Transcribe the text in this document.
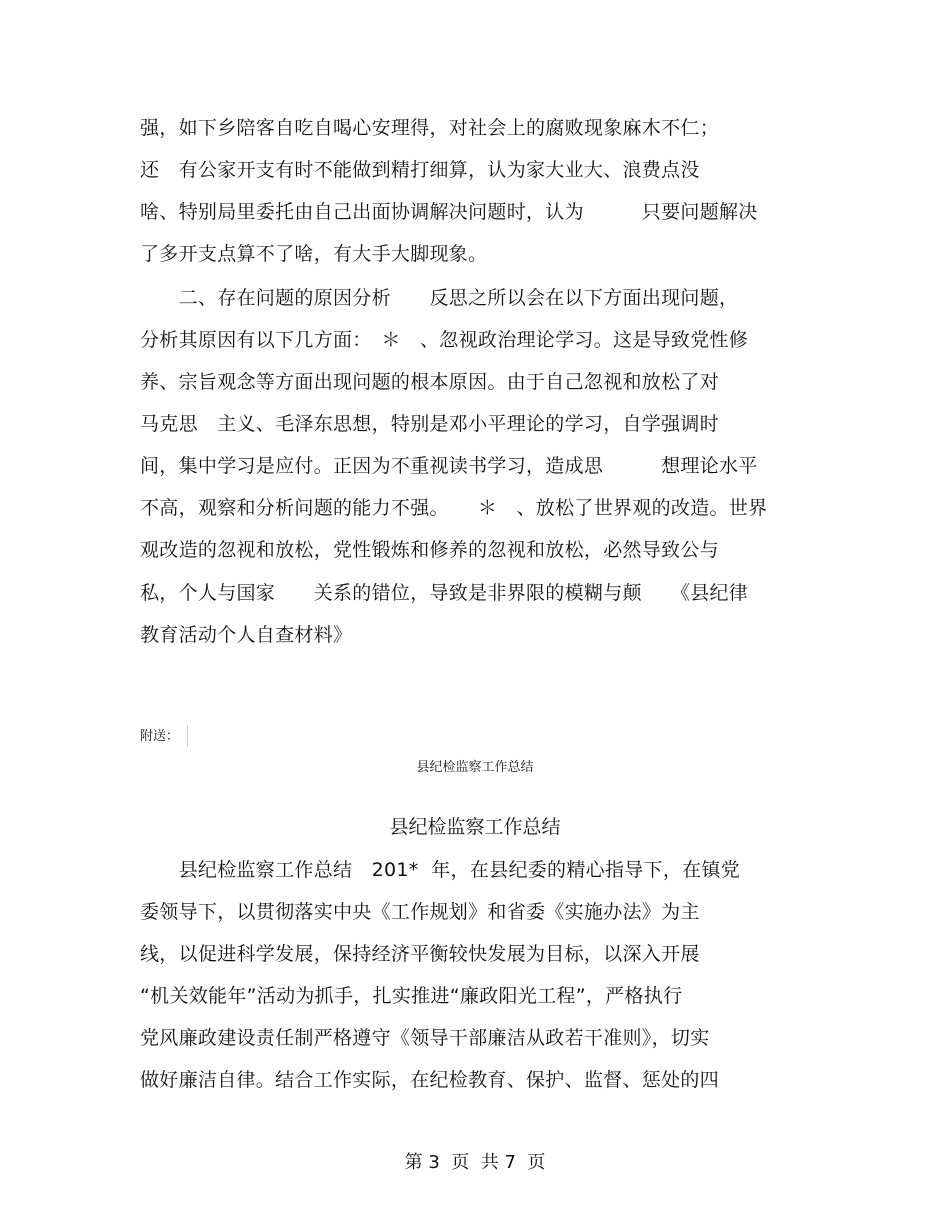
强，如下乡陪客自吃自喝心安理得，对社会上的腐败现象麻木不仁；
还　有公家开支有时不能做到精打细算，认为家大业大、浪费点没
啥、特别局里委托由自己出面协调解决问题时，认为　　　只要问题解决
了多开支点算不了啥，有大手大脚现象。
　　二、存在问题的原因分析　　反思之所以会在以下方面出现问题，
分析其原因有以下几方面：　＊　、忽视政治理论学习。这是导致党性修
养、宗旨观念等方面出现问题的根本原因。由于自己忽视和放松了对
马克思　主义、毛泽东思想，特别是邓小平理论的学习，自学强调时
间，集中学习是应付。正因为不重视读书学习，造成思　　　想理论水平
不高，观察和分析问题的能力不强。　　＊　、放松了世界观的改造。世界
观改造的忽视和放松，党性锻炼和修养的忽视和放松，必然导致公与
私，个人与国家　　关系的错位，导致是非界限的模糊与颠　　《县纪律
教育活动个人自查材料》
附送：
县纪检监察工作总结
县纪检监察工作总结
　　县纪检监察工作总结　201*  年，在县纪委的精心指导下，在镇党
委领导下，以贯彻落实中央《工作规划》和省委《实施办法》为主
线，以促进科学发展，保持经济平衡较快发展为目标，以深入开展
“机关效能年”活动为抓手，扎实推进“廉政阳光工程”，严格执行
党风廉政建设责任制严格遵守《领导干部廉洁从政若干准则》，切实
做好廉洁自律。结合工作实际，在纪检教育、保护、监督、惩处的四
第 3  页  共 7  页
